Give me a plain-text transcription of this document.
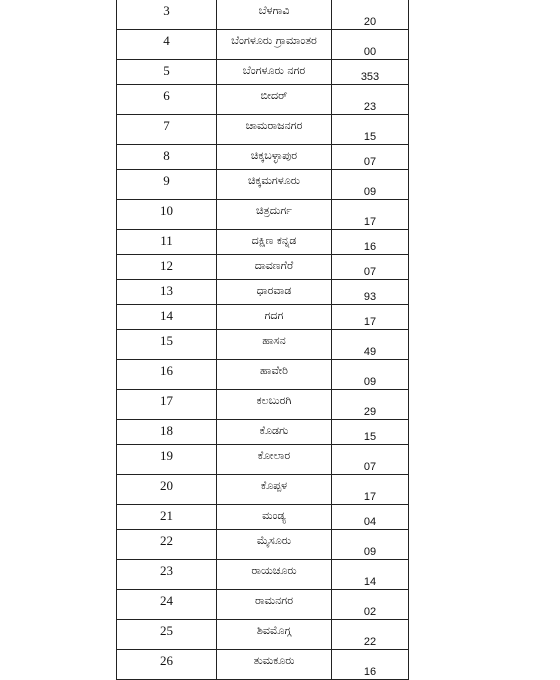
3	ಬೆಳಗಾವಿ	20

4	ಬೆಂಗಳೂರು ಗ್ರಾಮಾಂತರ	00

5	ಬೆಂಗಳೂರು ನಗರ	353

6	ಬೀದರ್	23

7	ಚಾಮರಾಜನಗರ	15

8	ಚಿಕ್ಕಬಳ್ಳಾಪುರ	07

9	ಚಿಕ್ಕಮಗಳೂರು	09

10	ಚಿತ್ರದುರ್ಗ	17

11	ದಕ್ಷಿಣ ಕನ್ನಡ	16

12	ದಾವಣಗೆರೆ	07

13	ಧಾರವಾಡ	93

14	ಗದಗ	17

15	ಹಾಸನ	49

16	ಹಾವೇರಿ	09

17	ಕಲಬುರಗಿ	29

18	ಕೊಡಗು	15

19	ಕೋಲಾರ	07

20	ಕೊಪ್ಪಳ	17

21	ಮಂಡ್ಯ	04

22	ಮೈಸೂರು	09

23	ರಾಯಚೂರು	14

24	ರಾಮನಗರ	02

25	ಶಿವಮೊಗ್ಗ	22

26	ತುಮಕೂರು	16
